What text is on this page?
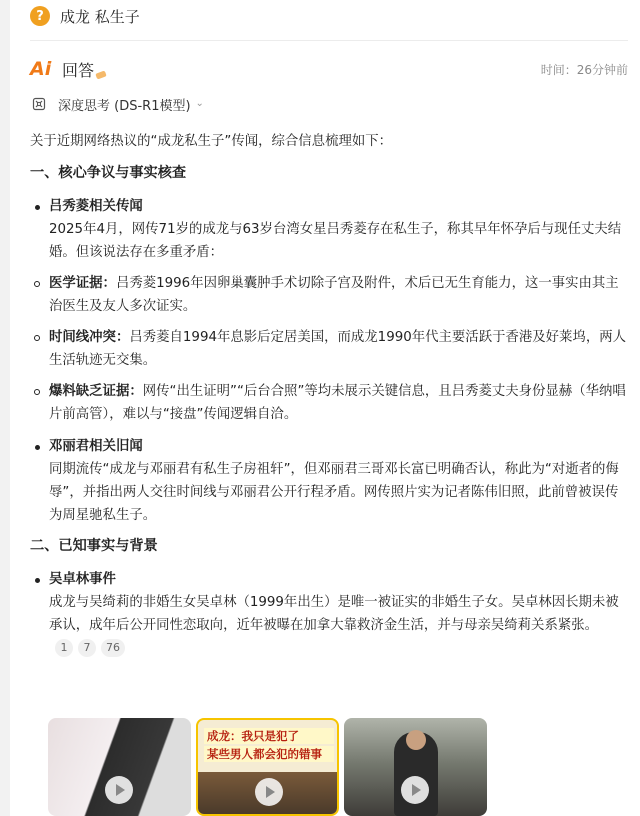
?	成龙 私生子
Ai 回答	时间：26分钟前
深度思考 (DS-R1模型) ⌄
关于近期网络热议的“成龙私生子”传闻，综合信息梳理如下：
一、核心争议与事实核查
吕秀菱相关传闻
2025年4月，网传71岁的成龙与63岁台湾女星吕秀菱存在私生子，称其早年怀孕后与现任丈夫结婚。但该说法存在多重矛盾：
医学证据：吕秀菱1996年因卵巢囊肿手术切除子宫及附件，术后已无生育能力，这一事实由其主治医生及友人多次证实。
时间线冲突：吕秀菱自1994年息影后定居美国，而成龙1990年代主要活跃于香港及好莱坞，两人生活轨迹无交集。
爆料缺乏证据：网传“出生证明”“后台合照”等均未展示关键信息，且吕秀菱丈夫身份显赫（华纳唱片前高管），难以与“接盘”传闻逻辑自洽。
邓丽君相关旧闻
同期流传“成龙与邓丽君有私生子房祖轩”，但邓丽君三哥邓长富已明确否认，称此为“对逝者的侮辱”，并指出两人交往时间线与邓丽君公开行程矛盾。网传照片实为记者陈伟旧照，此前曾被误传为周星驰私生子。
二、已知事实与背景
吴卓林事件
成龙与吴绮莉的非婚生女吴卓林（1999年出生）是唯一被证实的非婚生子女。吴卓林因长期未被承认，成年后公开同性恋取向，近年被曝在加拿大靠救济金生活，并与母亲吴绮莉关系紧张。
1	7	76
成龙：我只是犯了
某些男人都会犯的错事
